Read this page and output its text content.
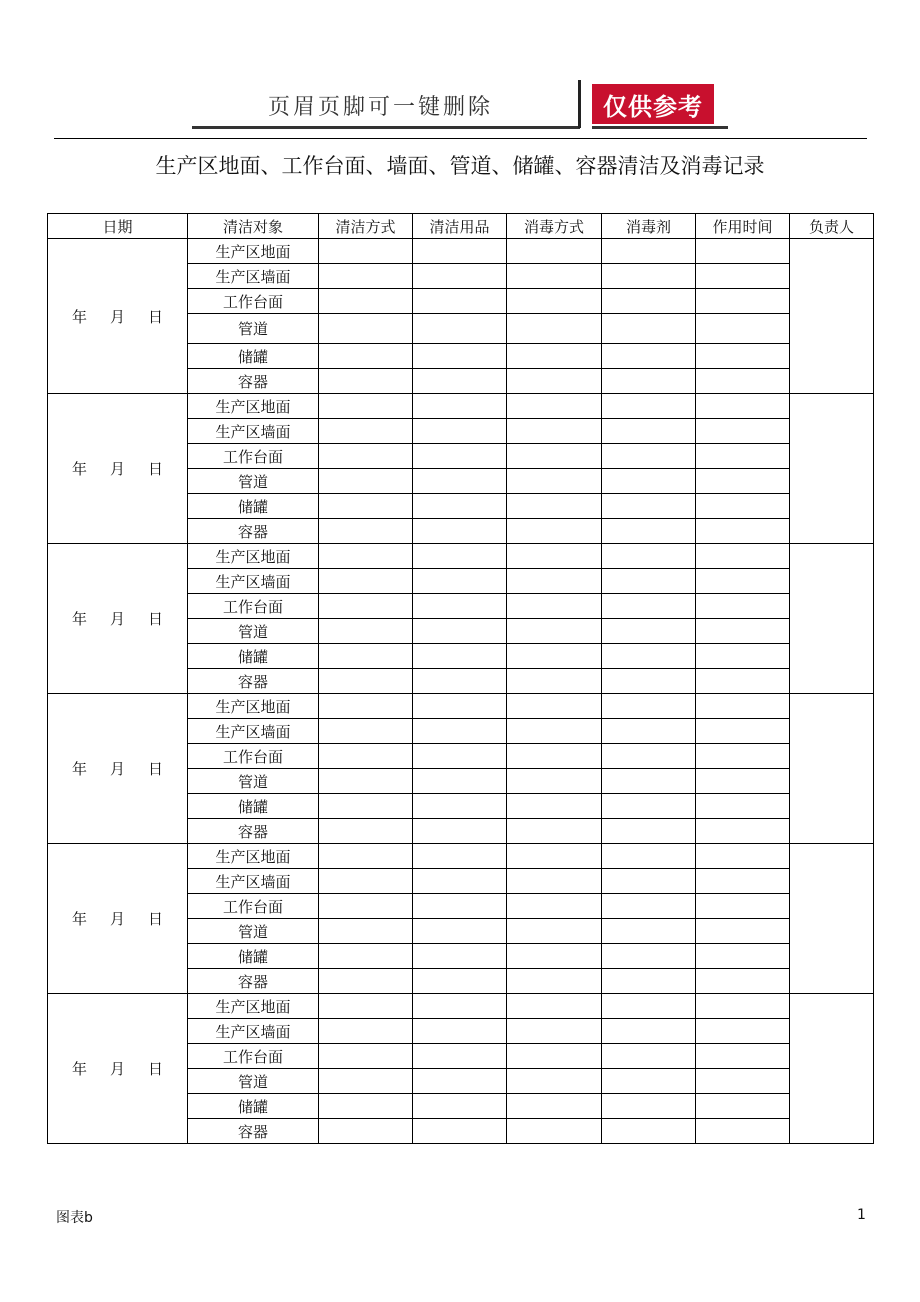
页眉页脚可一键删除	仅供参考
生产区地面、工作台面、墙面、管道、储罐、容器清洁及消毒记录
日期	清洁对象	清洁方式	清洁用品	消毒方式	消毒剂	作用时间	负责人
年 月 日	生产区地面						
	生产区墙面						
	工作台面						
	管道						
	储罐						
	容器						
年 月 日	生产区地面						
	生产区墙面						
	工作台面						
	管道						
	储罐						
	容器						
年 月 日	生产区地面						
	生产区墙面						
	工作台面						
	管道						
	储罐						
	容器						
年 月 日	生产区地面						
	生产区墙面						
	工作台面						
	管道						
	储罐						
	容器						
年 月 日	生产区地面						
	生产区墙面						
	工作台面						
	管道						
	储罐						
	容器						
年 月 日	生产区地面						
	生产区墙面						
	工作台面						
	管道						
	储罐						
	容器						
图表b	1
